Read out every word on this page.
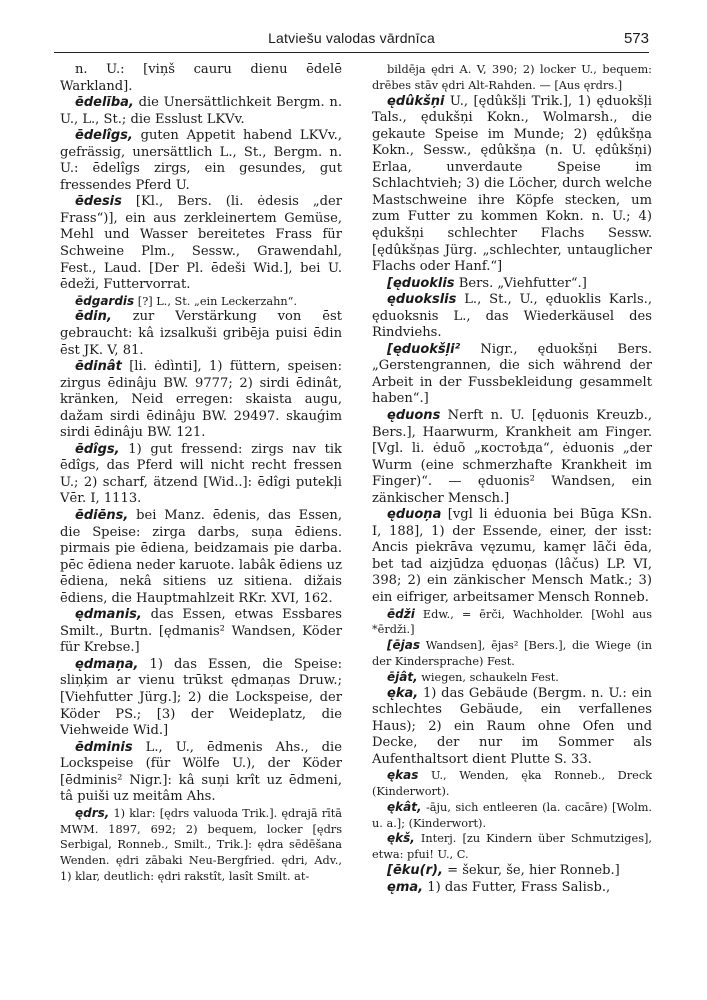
Latviešu valodas vārdnīca	573

n. U.: [viņš cauru dienu ēdelē Warkland].

ēdelība, die Unersättlichkeit Bergm. n. U., L., St.; die Esslust LKVv.

ēdelîgs, guten Appetit habend LKVv., gefrässig, unersättlich L., St., Bergm. n. U.: ēdelîgs zirgs, ein gesundes, gut fressendes Pferd U.

ēdesis [Kl., Bers. (li. ėdesis „der Frass“)], ein aus zerkleinertem Gemüse, Mehl und Wasser bereitetes Frass für Schweine Plm., Sessw., Grawendahl, Fest., Laud. [Der Pl. ēdeši Wid.], bei U. ēdeži, Futtervorrat.

ēdgardis [?] L., St. „ein Leckerzahn“.

ēdin, zur Verstärkung von ēst gebraucht: kâ izsalkuši gribēja puisi ēdin ēst JK. V, 81.

ēdinât [li. ėdìnti], 1) füttern, speisen: zirgus ēdinâju BW. 9777; 2) sirdi ēdinât, kränken, Neid erregen: skaista augu, dažam sirdi ēdinâju BW. 29497. skauǵim sirdi ēdinâju BW. 121.

ēdîgs, 1) gut fressend: zirgs nav tik ēdîgs, das Pferd will nicht recht fressen U.; 2) scharf, ätzend [Wid..]: ēdîgi putekļi Vēr. I, 1113.

ēdiēns, bei Manz. ēdenis, das Essen, die Speise: zirga darbs, suņa ēdiens. pirmais pie ēdiena, beidzamais pie darba. pēc ēdiena neder karuote. labâk ēdiens uz ēdiena, nekâ sitiens uz sitiena. dižais ēdiens, die Hauptmahlzeit RKr. XVI, 162.

ędmanis, das Essen, etwas Essbares Smilt., Burtn. [ędmanis² Wandsen, Köder für Krebse.]

ędmaņa, 1) das Essen, die Speise: sliņķim ar vienu trūkst ędmaņas Druw.; [Viehfutter Jürg.]; 2) die Lockspeise, der Köder PS.; [3) der Weideplatz, die Viehweide Wid.]

ēdminis L., U., ēdmenis Ahs., die Lockspeise (für Wölfe U.), der Köder [ēdminis² Nigr.]: kâ suņi krît uz ēdmeni, tâ puiši uz meitâm Ahs.

ędrs, 1) klar: [ędrs valuoda Trik.]. ędrajā rītā MWM. 1897, 692; 2) bequem, locker [ędrs Serbigal, Ronneb., Smilt., Trik.]: ędra sēdēšana Wenden. ędri zābaki Neu-Bergfried. ędri, Adv., 1) klar, deutlich: ędri rakstît, lasît Smilt. at-

bildēja ędri A. V, 390; 2) locker U., bequem: drēbes stāv ędri Alt-Rahden. — [Aus ęrdrs.]

ędûkšņi U., [ędûkšļi Trik.], 1) ęduokšļi Tals., ędukšņi Kokn., Wolmarsh., die gekaute Speise im Munde; 2) ędûkšņa Kokn., Sessw., ędûkšņa (n. U. ędûkšņi) Erlaa, unverdaute Speise im Schlachtvieh; 3) die Löcher, durch welche Mastschweine ihre Köpfe stecken, um zum Futter zu kommen Kokn. n. U.; 4) ędukšņi schlechter Flachs Sessw. [ędûkšņas Jürg. „schlechter, untauglicher Flachs oder Hanf.“]

[ęduoklis Bers. „Viehfutter“.]

ęduokslis L., St., U., ęduoklis Karls., ęduoksnis L., das Wiederkäusel des Rindviehs.

[ęduokšļi² Nigr., ęduokšņi Bers. „Gerstengrannen, die sich während der Arbeit in der Fussbekleidung gesammelt haben“.]

ęduons Nerft n. U. [ęduonis Kreuzb., Bers.], Haarwurm, Krankheit am Finger. [Vgl. li. ėduõ „костоѣда“, ėduonis „der Wurm (eine schmerzhafte Krankheit im Finger)“. — ęduonis² Wandsen, ein zänkischer Mensch.]

ęduoņa [vgl li ėduonia bei Būga KSn. I, 188], 1) der Essende, einer, der isst: Ancis piekrāva vęzumu, kamęr lāči ēda, bet tad aizjūdza ęduoņas (lâčus) LP. VI, 398; 2) ein zänkischer Mensch Matk.; 3) ein eifriger, arbeitsamer Mensch Ronneb.

ēdži Edw., = ērči, Wachholder. [Wohl aus *ērdži.]

[ējas Wandsen], ējas² [Bers.], die Wiege (in der Kindersprache) Fest.

ējât, wiegen, schaukeln Fest.

ęka, 1) das Gebäude (Bergm. n. U.: ein schlechtes Gebäude, ein verfallenes Haus); 2) ein Raum ohne Ofen und Decke, der nur im Sommer als Aufenthaltsort dient Plutte S. 33.

ękas U., Wenden, ęka Ronneb., Dreck (Kinderwort).

ękât, -āju, sich entleeren (la. cacāre) [Wolm. u. a.]; (Kinderwort).

ękš, Interj. [zu Kindern über Schmutziges], etwa: pfui! U., C.

[ēku(r), = šekur, še, hier Ronneb.]

ęma, 1) das Futter, Frass Salisb.,
